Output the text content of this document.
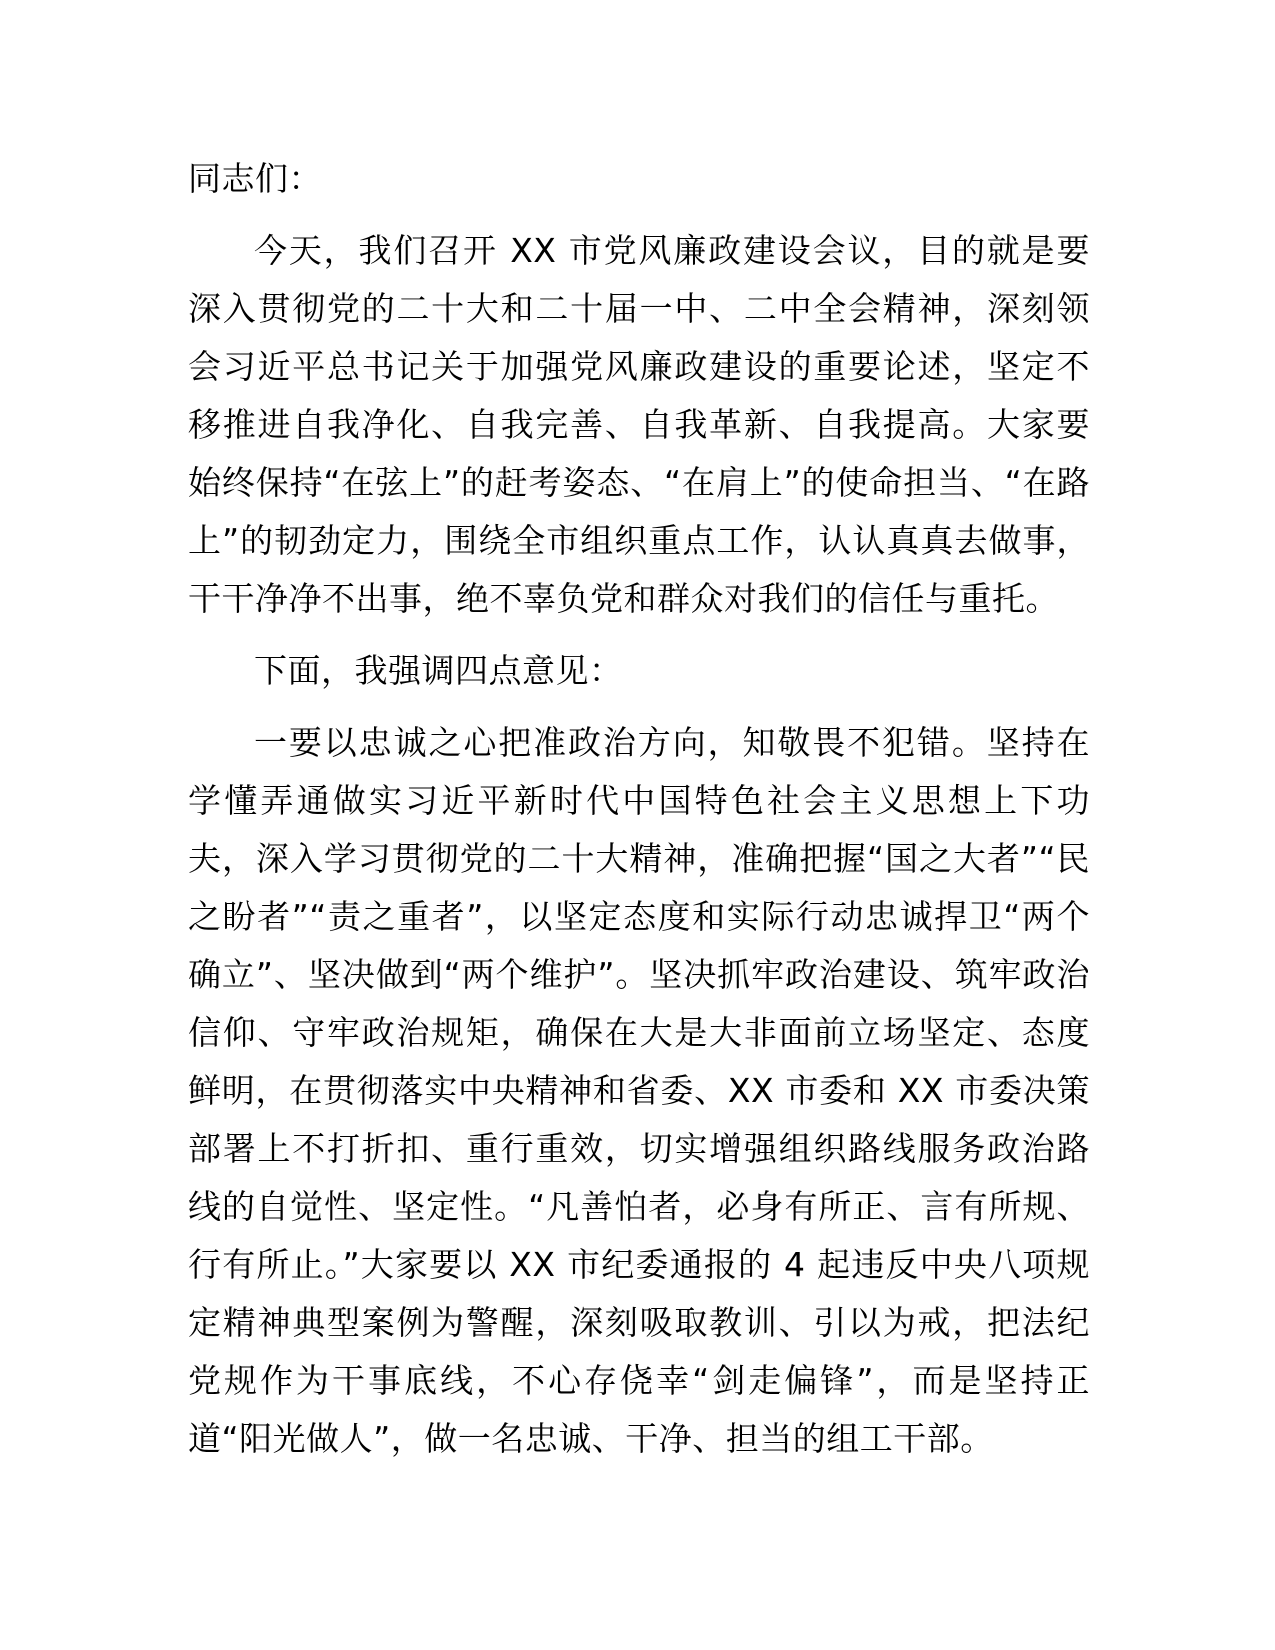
同志们：

今天，我们召开 XX 市党风廉政建设会议，目的就是要深入贯彻党的二十大和二十届一中、二中全会精神，深刻领会习近平总书记关于加强党风廉政建设的重要论述，坚定不移推进自我净化、自我完善、自我革新、自我提高。大家要始终保持“在弦上”的赶考姿态、“在肩上”的使命担当、“在路上”的韧劲定力，围绕全市组织重点工作，认认真真去做事，干干净净不出事，绝不辜负党和群众对我们的信任与重托。

下面，我强调四点意见：

一要以忠诚之心把准政治方向，知敬畏不犯错。坚持在学懂弄通做实习近平新时代中国特色社会主义思想上下功夫，深入学习贯彻党的二十大精神，准确把握“国之大者”“民之盼者”“责之重者”，以坚定态度和实际行动忠诚捍卫“两个确立”、坚决做到“两个维护”。坚决抓牢政治建设、筑牢政治信仰、守牢政治规矩，确保在大是大非面前立场坚定、态度鲜明，在贯彻落实中央精神和省委、XX 市委和 XX 市委决策部署上不打折扣、重行重效，切实增强组织路线服务政治路线的自觉性、坚定性。“凡善怕者，必身有所正、言有所规、行有所止。”大家要以 XX 市纪委通报的 4 起违反中央八项规定精神典型案例为警醒，深刻吸取教训、引以为戒，把法纪党规作为干事底线，不心存侥幸“剑走偏锋”，而是坚持正道“阳光做人”，做一名忠诚、干净、担当的组工干部。
